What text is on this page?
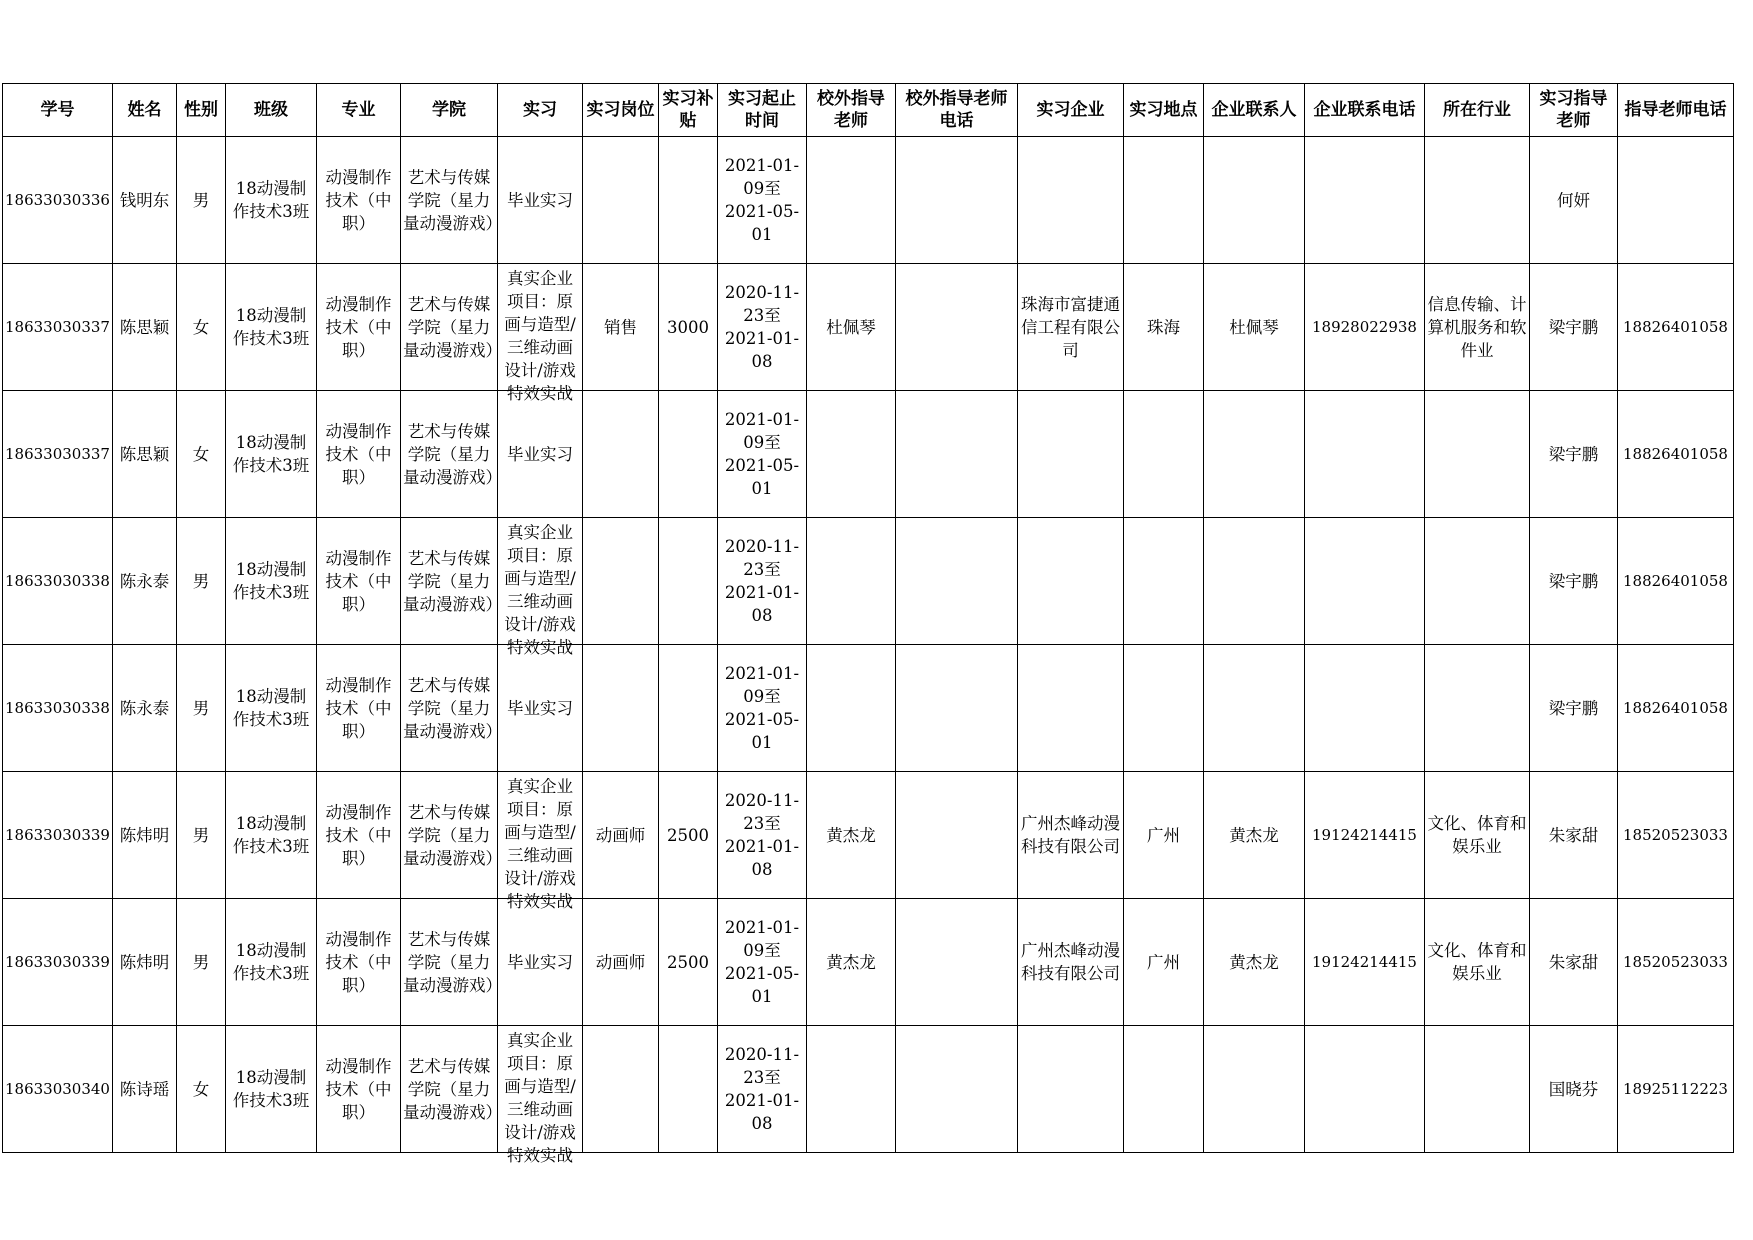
学号	姓名	性别	班级	专业	学院	实习	实习岗位	实习补贴	实习起止时间	校外指导老师	校外指导老师电话	实习企业	实习地点	企业联系人	企业联系电话	所在行业	实习指导老师	指导老师电话
18633030336	钱明东	男	18动漫制作技术3班	动漫制作技术（中职）	艺术与传媒学院（星力量动漫游戏）	毕业实习			2021-01-09至2021-05-01								何妍	
18633030337	陈思颖	女	18动漫制作技术3班	动漫制作技术（中职）	艺术与传媒学院（星力量动漫游戏）	真实企业项目：原画与造型/三维动画设计/游戏特效实战	销售	3000	2020-11-23至2021-01-08	杜佩琴		珠海市富捷通信工程有限公司	珠海	杜佩琴	18928022938	信息传输、计算机服务和软件业	梁宇鹏	18826401058
18633030337	陈思颖	女	18动漫制作技术3班	动漫制作技术（中职）	艺术与传媒学院（星力量动漫游戏）	毕业实习			2021-01-09至2021-05-01								梁宇鹏	18826401058
18633030338	陈永泰	男	18动漫制作技术3班	动漫制作技术（中职）	艺术与传媒学院（星力量动漫游戏）	真实企业项目：原画与造型/三维动画设计/游戏特效实战			2020-11-23至2021-01-08								梁宇鹏	18826401058
18633030338	陈永泰	男	18动漫制作技术3班	动漫制作技术（中职）	艺术与传媒学院（星力量动漫游戏）	毕业实习			2021-01-09至2021-05-01								梁宇鹏	18826401058
18633030339	陈炜明	男	18动漫制作技术3班	动漫制作技术（中职）	艺术与传媒学院（星力量动漫游戏）	真实企业项目：原画与造型/三维动画设计/游戏特效实战	动画师	2500	2020-11-23至2021-01-08	黄杰龙		广州杰峰动漫科技有限公司	广州	黄杰龙	19124214415	文化、体育和娱乐业	朱家甜	18520523033
18633030339	陈炜明	男	18动漫制作技术3班	动漫制作技术（中职）	艺术与传媒学院（星力量动漫游戏）	毕业实习	动画师	2500	2021-01-09至2021-05-01	黄杰龙		广州杰峰动漫科技有限公司	广州	黄杰龙	19124214415	文化、体育和娱乐业	朱家甜	18520523033
18633030340	陈诗瑶	女	18动漫制作技术3班	动漫制作技术（中职）	艺术与传媒学院（星力量动漫游戏）	真实企业项目：原画与造型/三维动画设计/游戏特效实战			2020-11-23至2021-01-08								国晓芬	18925112223
